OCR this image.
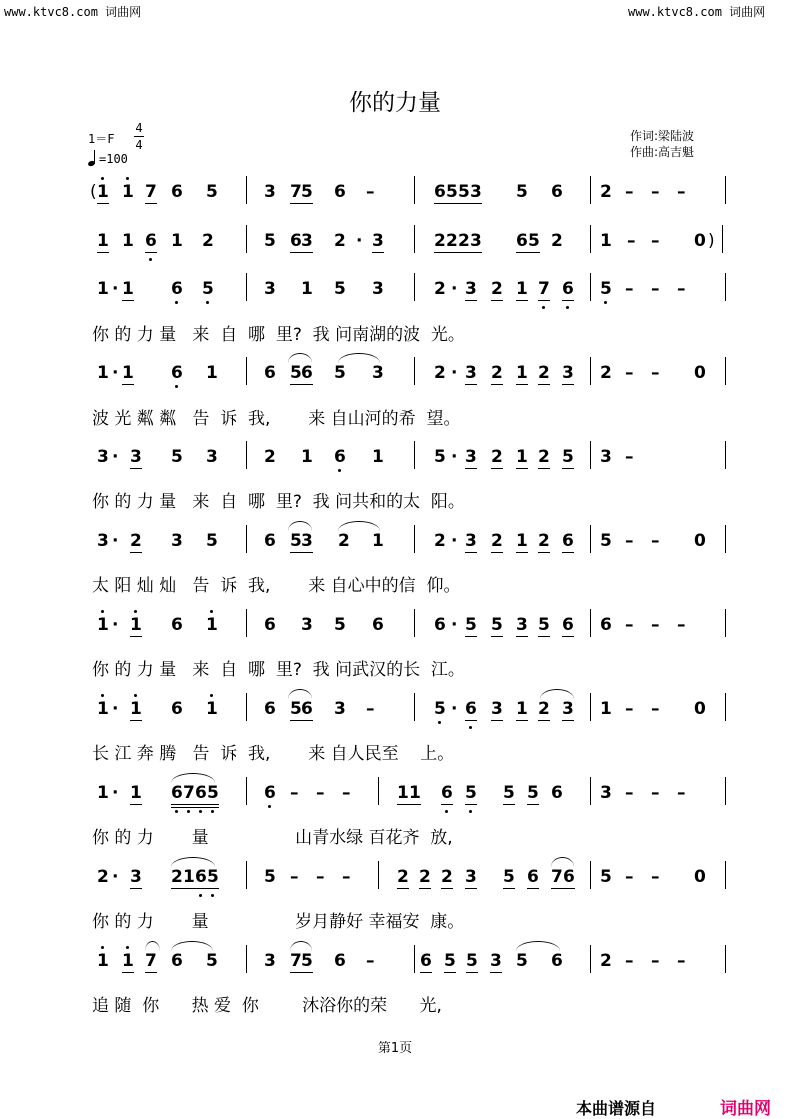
www.ktvc8.com 词曲网	www.ktvc8.com 词曲网
你的力量
1＝F
4
4
=100
作词:梁陆波
作曲:高吉魁
( 1 1 7 6 5	3 7 5 6 –	6 5 5 3 5 6 2 – – –
1 1 6 1 2	5 6 3 2 · 3	2 2 2 3 6 5 2 1 – – 0 )
1 · 1 6 5	3 1 5 3	2 · 3 2 1 7 6 5 – – –
1 · 1 6 1	6 5 6 5 3	2 · 3 2 1 2 3 2 – – 0
3 · 3 5 3	2 1 6 1	5 · 3 2 1 2 5 3 –
3 · 2 3 5	6 5 3 2 1	2 · 3 2 1 2 6 5 – – 0
1 · 1 6 1	6 3 5 6	6 · 5 5 3 5 6 6 – – –
1 · 1 6 1	6 5 6 3 –	5 · 6 3 1 2 3 1 – – 0
1 · 1 6 7 6 5	6 – – –	1 1 6 5 5 5 6 3 – – –
2 · 3 2 1 6 5	5 – – –	2 2 2 3 5 6 7 6 5 – – 0
1 1 7 6 5	3 7 5 6 –	6 5 5 3 5 6 2 – – –
你 的 力 量   来  自  哪  里?  我 问南湖的波  光。
波 光 粼 粼   告  诉  我,       来 自山河的希  望。
你 的 力 量   来  自  哪  里?  我 问共和的太  阳。
太 阳 灿 灿   告  诉  我,       来 自心中的信  仰。
你 的 力 量   来  自  哪  里?  我 问武汉的长  江。
长 江 奔 腾   告  诉  我,       来 自人民至    上。
你 的 力       量                山青水绿 百花齐  放,
你 的 力       量                岁月静好 幸福安  康。
追 随  你      热 爱  你        沐浴你的荣      光,
第1页
本曲谱源自	词曲网
